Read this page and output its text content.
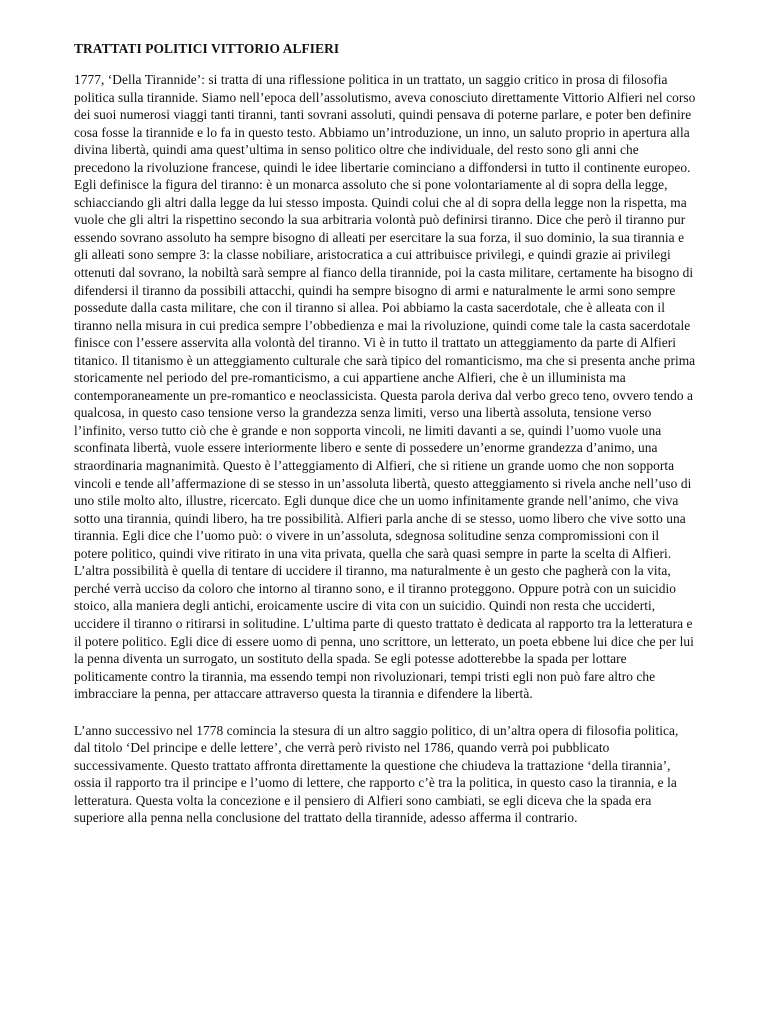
TRATTATI POLITICI VITTORIO ALFIERI

1777, ‘Della Tirannide’: si tratta di una riflessione politica in un trattato, un saggio critico in prosa di filosofia politica sulla tirannide. Siamo nell’epoca dell’assolutismo, aveva conosciuto direttamente Vittorio Alfieri nel corso dei suoi numerosi viaggi tanti tiranni, tanti sovrani assoluti, quindi pensava di poterne parlare, e poter ben definire cosa fosse la tirannide e lo fa in questo testo. Abbiamo un’introduzione, un inno, un saluto proprio in apertura alla divina libertà, quindi ama quest’ultima in senso politico oltre che individuale, del resto sono gli anni che precedono la rivoluzione francese, quindi le idee libertarie cominciano a diffondersi in tutto il continente europeo. Egli definisce la figura del tiranno: è un monarca assoluto che si pone volontariamente al di sopra della legge, schiacciando gli altri dalla legge da lui stesso imposta. Quindi colui che al di sopra della legge non la rispetta, ma vuole che gli altri la rispettino secondo la sua arbitraria volontà può definirsi tiranno. Dice che però il tiranno pur essendo sovrano assoluto ha sempre bisogno di alleati per esercitare la sua forza, il suo dominio, la sua tirannia e gli alleati sono sempre 3: la classe nobiliare, aristocratica a cui attribuisce privilegi, e quindi grazie ai privilegi ottenuti dal sovrano, la nobiltà sarà sempre al fianco della tirannide, poi la casta militare, certamente ha bisogno di difendersi il tiranno da possibili attacchi, quindi ha sempre bisogno di armi e naturalmente le armi sono sempre possedute dalla casta militare, che con il tiranno si allea. Poi abbiamo la casta sacerdotale, che è alleata con il tiranno nella misura in cui predica sempre l’obbedienza e mai la rivoluzione, quindi come tale la casta sacerdotale finisce con l’essere asservita alla volontà del tiranno. Vi è in tutto il trattato un atteggiamento da parte di Alfieri titanico. Il titanismo è un atteggiamento culturale che sarà tipico del romanticismo, ma che si presenta anche prima storicamente nel periodo del pre-romanticismo, a cui appartiene anche Alfieri, che è un illuminista ma contemporaneamente un pre-romantico e neoclassicista. Questa parola deriva dal verbo greco teno, ovvero tendo a qualcosa, in questo caso tensione verso la grandezza senza limiti, verso una libertà assoluta, tensione verso l’infinito, verso tutto ciò che è grande e non sopporta vincoli, ne limiti davanti a se, quindi l’uomo vuole una sconfinata libertà, vuole essere interiormente libero e sente di possedere un’enorme grandezza d’animo, una straordinaria magnanimità. Questo è l’atteggiamento di Alfieri, che si ritiene un grande uomo che non sopporta vincoli e tende all’affermazione di se stesso in un’assoluta libertà, questo atteggiamento si rivela anche nell’uso di uno stile molto alto, illustre, ricercato. Egli dunque dice che un uomo infinitamente grande nell’animo, che viva sotto una tirannia, quindi libero, ha tre possibilità. Alfieri parla anche di se stesso, uomo libero che vive sotto una tirannia. Egli dice che l’uomo può: o vivere in un’assoluta, sdegnosa solitudine senza compromissioni con il potere politico, quindi vive ritirato in una vita privata, quella che sarà quasi sempre in parte la scelta di Alfieri. L’altra possibilità è quella di tentare di uccidere il tiranno, ma naturalmente è un gesto che pagherà con la vita, perché verrà ucciso da coloro che intorno al tiranno sono, e il tiranno proteggono. Oppure potrà con un suicidio stoico, alla maniera degli antichi, eroicamente uscire di vita con un suicidio. Quindi non resta che ucciderti, uccidere il tiranno o ritirarsi in solitudine. L’ultima parte di questo trattato è dedicata al rapporto tra la letteratura e il potere politico. Egli dice di essere uomo di penna, uno scrittore, un letterato, un poeta ebbene lui dice che per lui la penna diventa un surrogato, un sostituto della spada. Se egli potesse adotterebbe la spada per lottare politicamente contro la tirannia, ma essendo tempi non rivoluzionari, tempi tristi egli non può fare altro che imbracciare la penna, per attaccare attraverso questa la tirannia e difendere la libertà.

L’anno successivo nel 1778 comincia la stesura di un altro saggio politico, di un’altra opera di filosofia politica, dal titolo ‘Del principe e delle lettere’, che verrà però rivisto nel 1786, quando verrà poi pubblicato successivamente. Questo trattato affronta direttamente la questione che chiudeva la trattazione ‘della tirannia’, ossia il rapporto tra il principe e l’uomo di lettere, che rapporto c’è tra la politica, in questo caso la tirannia, e la letteratura. Questa volta la concezione e il pensiero di Alfieri sono cambiati, se egli diceva che la spada era superiore alla penna nella conclusione del trattato della tirannide, adesso afferma il contrario.
